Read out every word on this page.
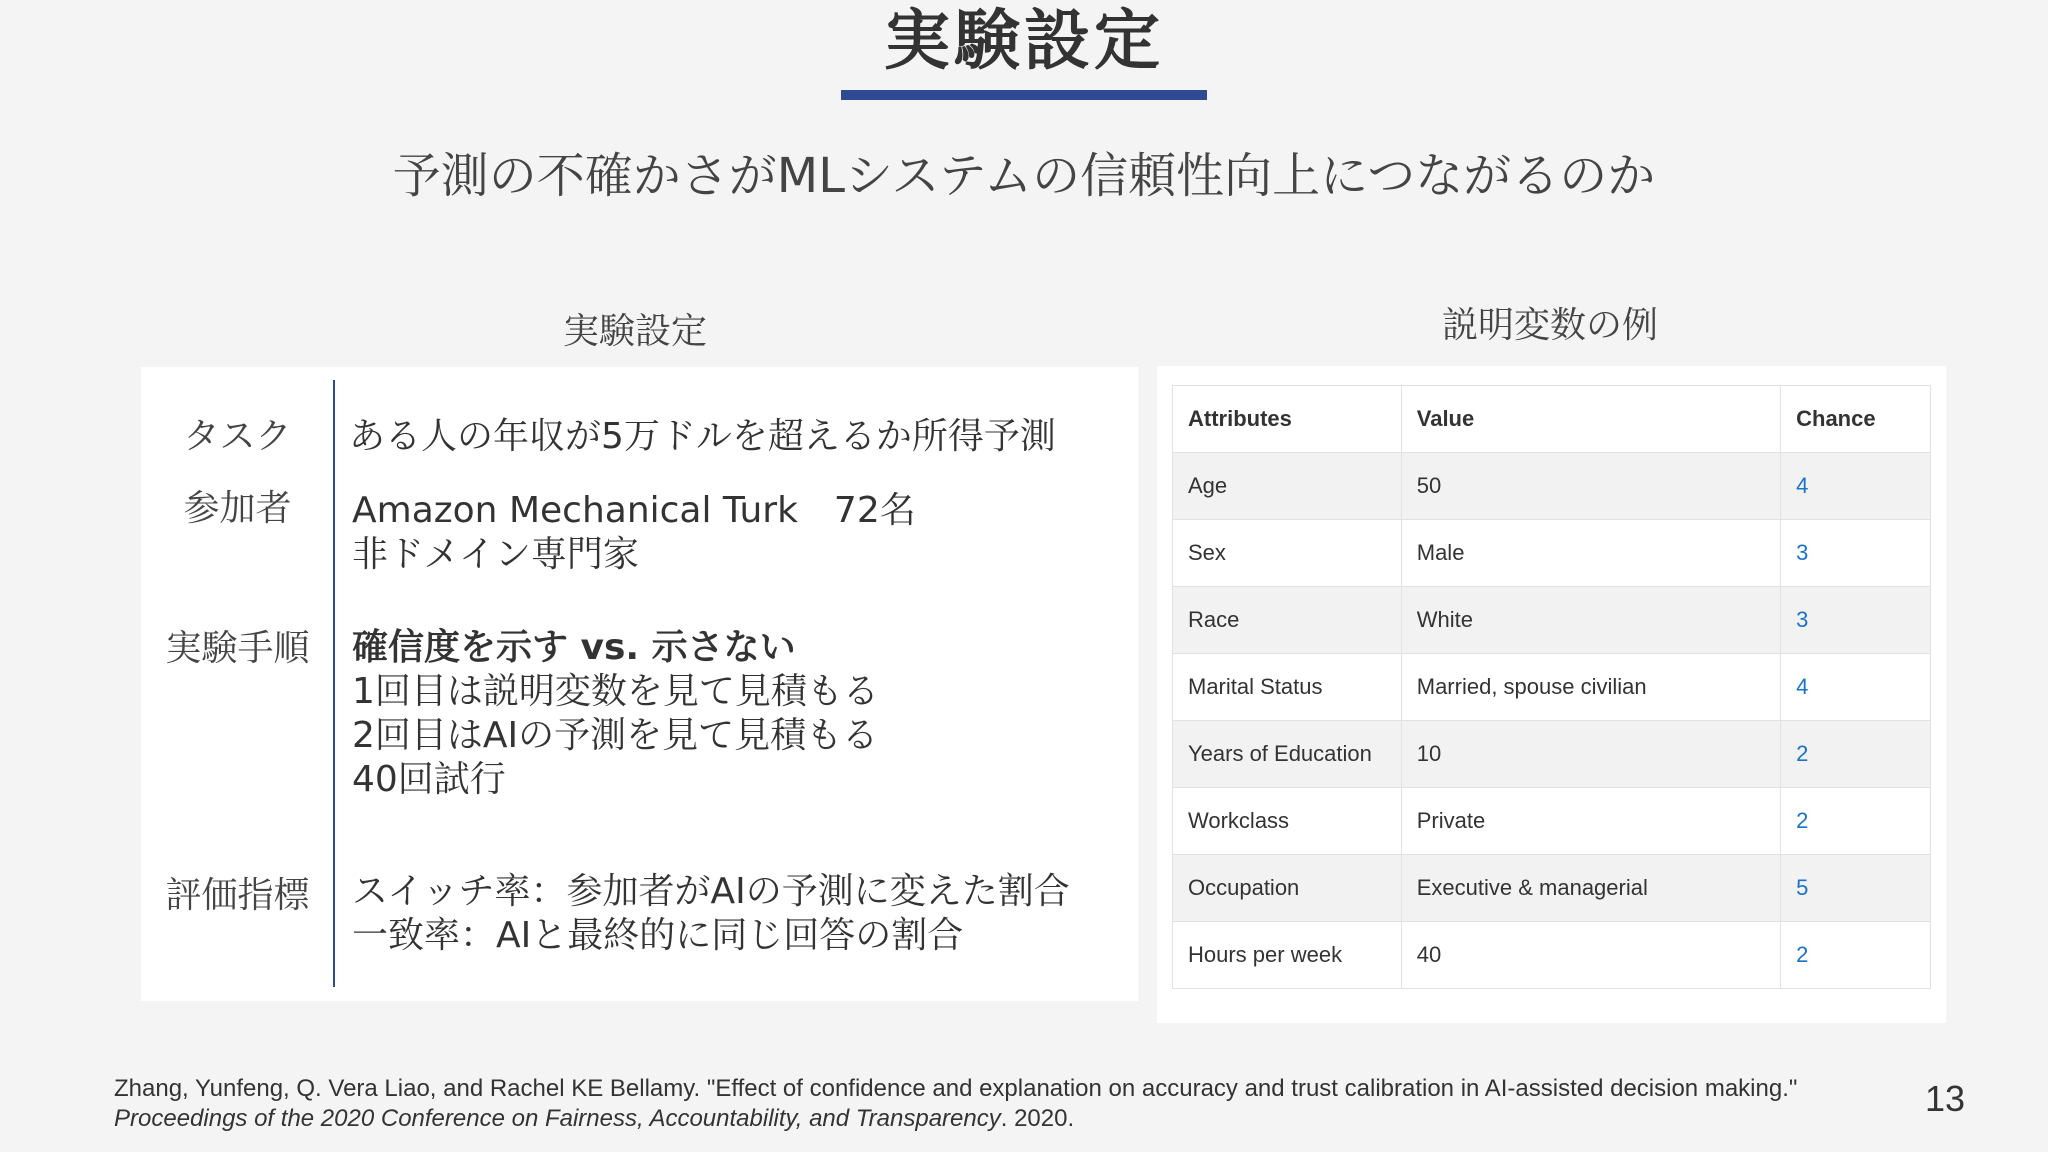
実験設定
予測の不確かさがMLシステムの信頼性向上につながるのか
実験設定	説明変数の例
タスク	ある人の年収が5万ドルを超えるか所得予測
参加者	Amazon Mechanical Turk　72名
非ドメイン専門家
実験手順	確信度を示す vs. 示さない
1回目は説明変数を見て見積もる
2回目はAIの予測を見て見積もる
40回試行
評価指標	スイッチ率：参加者がAIの予測に変えた割合
一致率：AIと最終的に同じ回答の割合
Attributes	Value	Chance
Age	50	4
Sex	Male	3
Race	White	3
Marital Status	Married, spouse civilian	4
Years of Education	10	2
Workclass	Private	2
Occupation	Executive & managerial	5
Hours per week	40	2
Zhang, Yunfeng, Q. Vera Liao, and Rachel KE Bellamy. "Effect of confidence and explanation on accuracy and trust calibration in AI-assisted decision making."
Proceedings of the 2020 Conference on Fairness, Accountability, and Transparency. 2020.	13
